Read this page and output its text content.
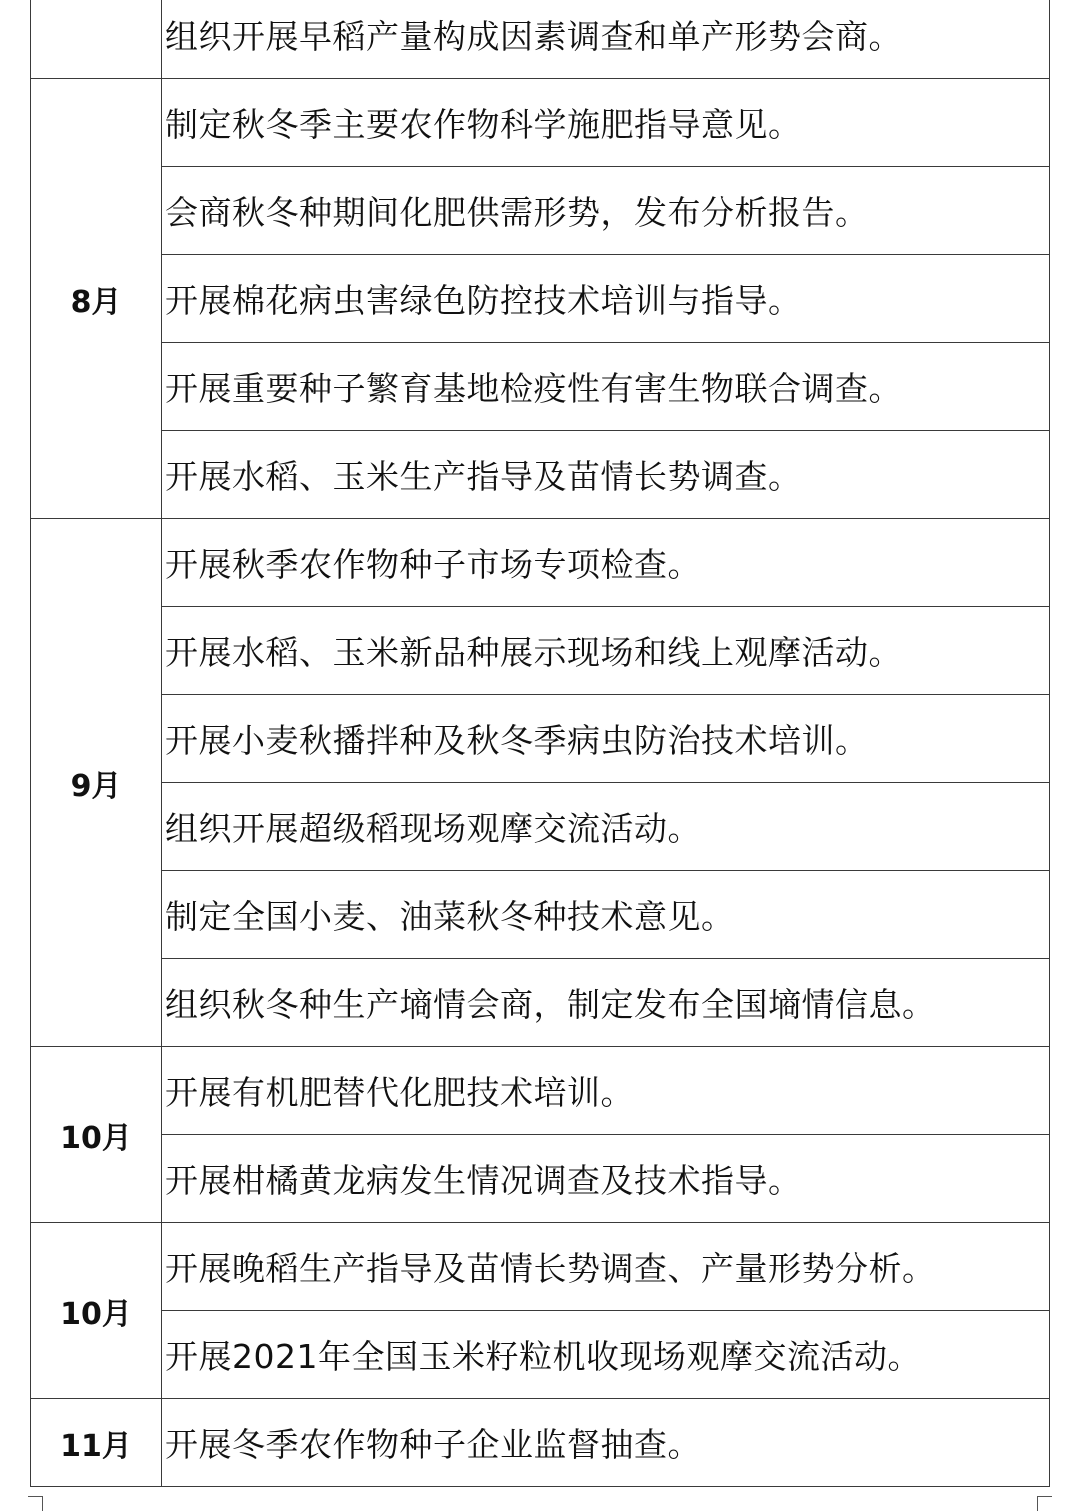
	组织开展早稻产量构成因素调查和单产形势会商。
8月	制定秋冬季主要农作物科学施肥指导意见。
	会商秋冬种期间化肥供需形势，发布分析报告。
	开展棉花病虫害绿色防控技术培训与指导。
	开展重要种子繁育基地检疫性有害生物联合调查。
	开展水稻、玉米生产指导及苗情长势调查。
9月	开展秋季农作物种子市场专项检查。
	开展水稻、玉米新品种展示现场和线上观摩活动。
	开展小麦秋播拌种及秋冬季病虫防治技术培训。
	组织开展超级稻现场观摩交流活动。
	制定全国小麦、油菜秋冬种技术意见。
	组织秋冬种生产墒情会商，制定发布全国墒情信息。
10月	开展有机肥替代化肥技术培训。
	开展柑橘黄龙病发生情况调查及技术指导。
10月	开展晚稻生产指导及苗情长势调查、产量形势分析。
	开展2021年全国玉米籽粒机收现场观摩交流活动。
11月	开展冬季农作物种子企业监督抽查。
